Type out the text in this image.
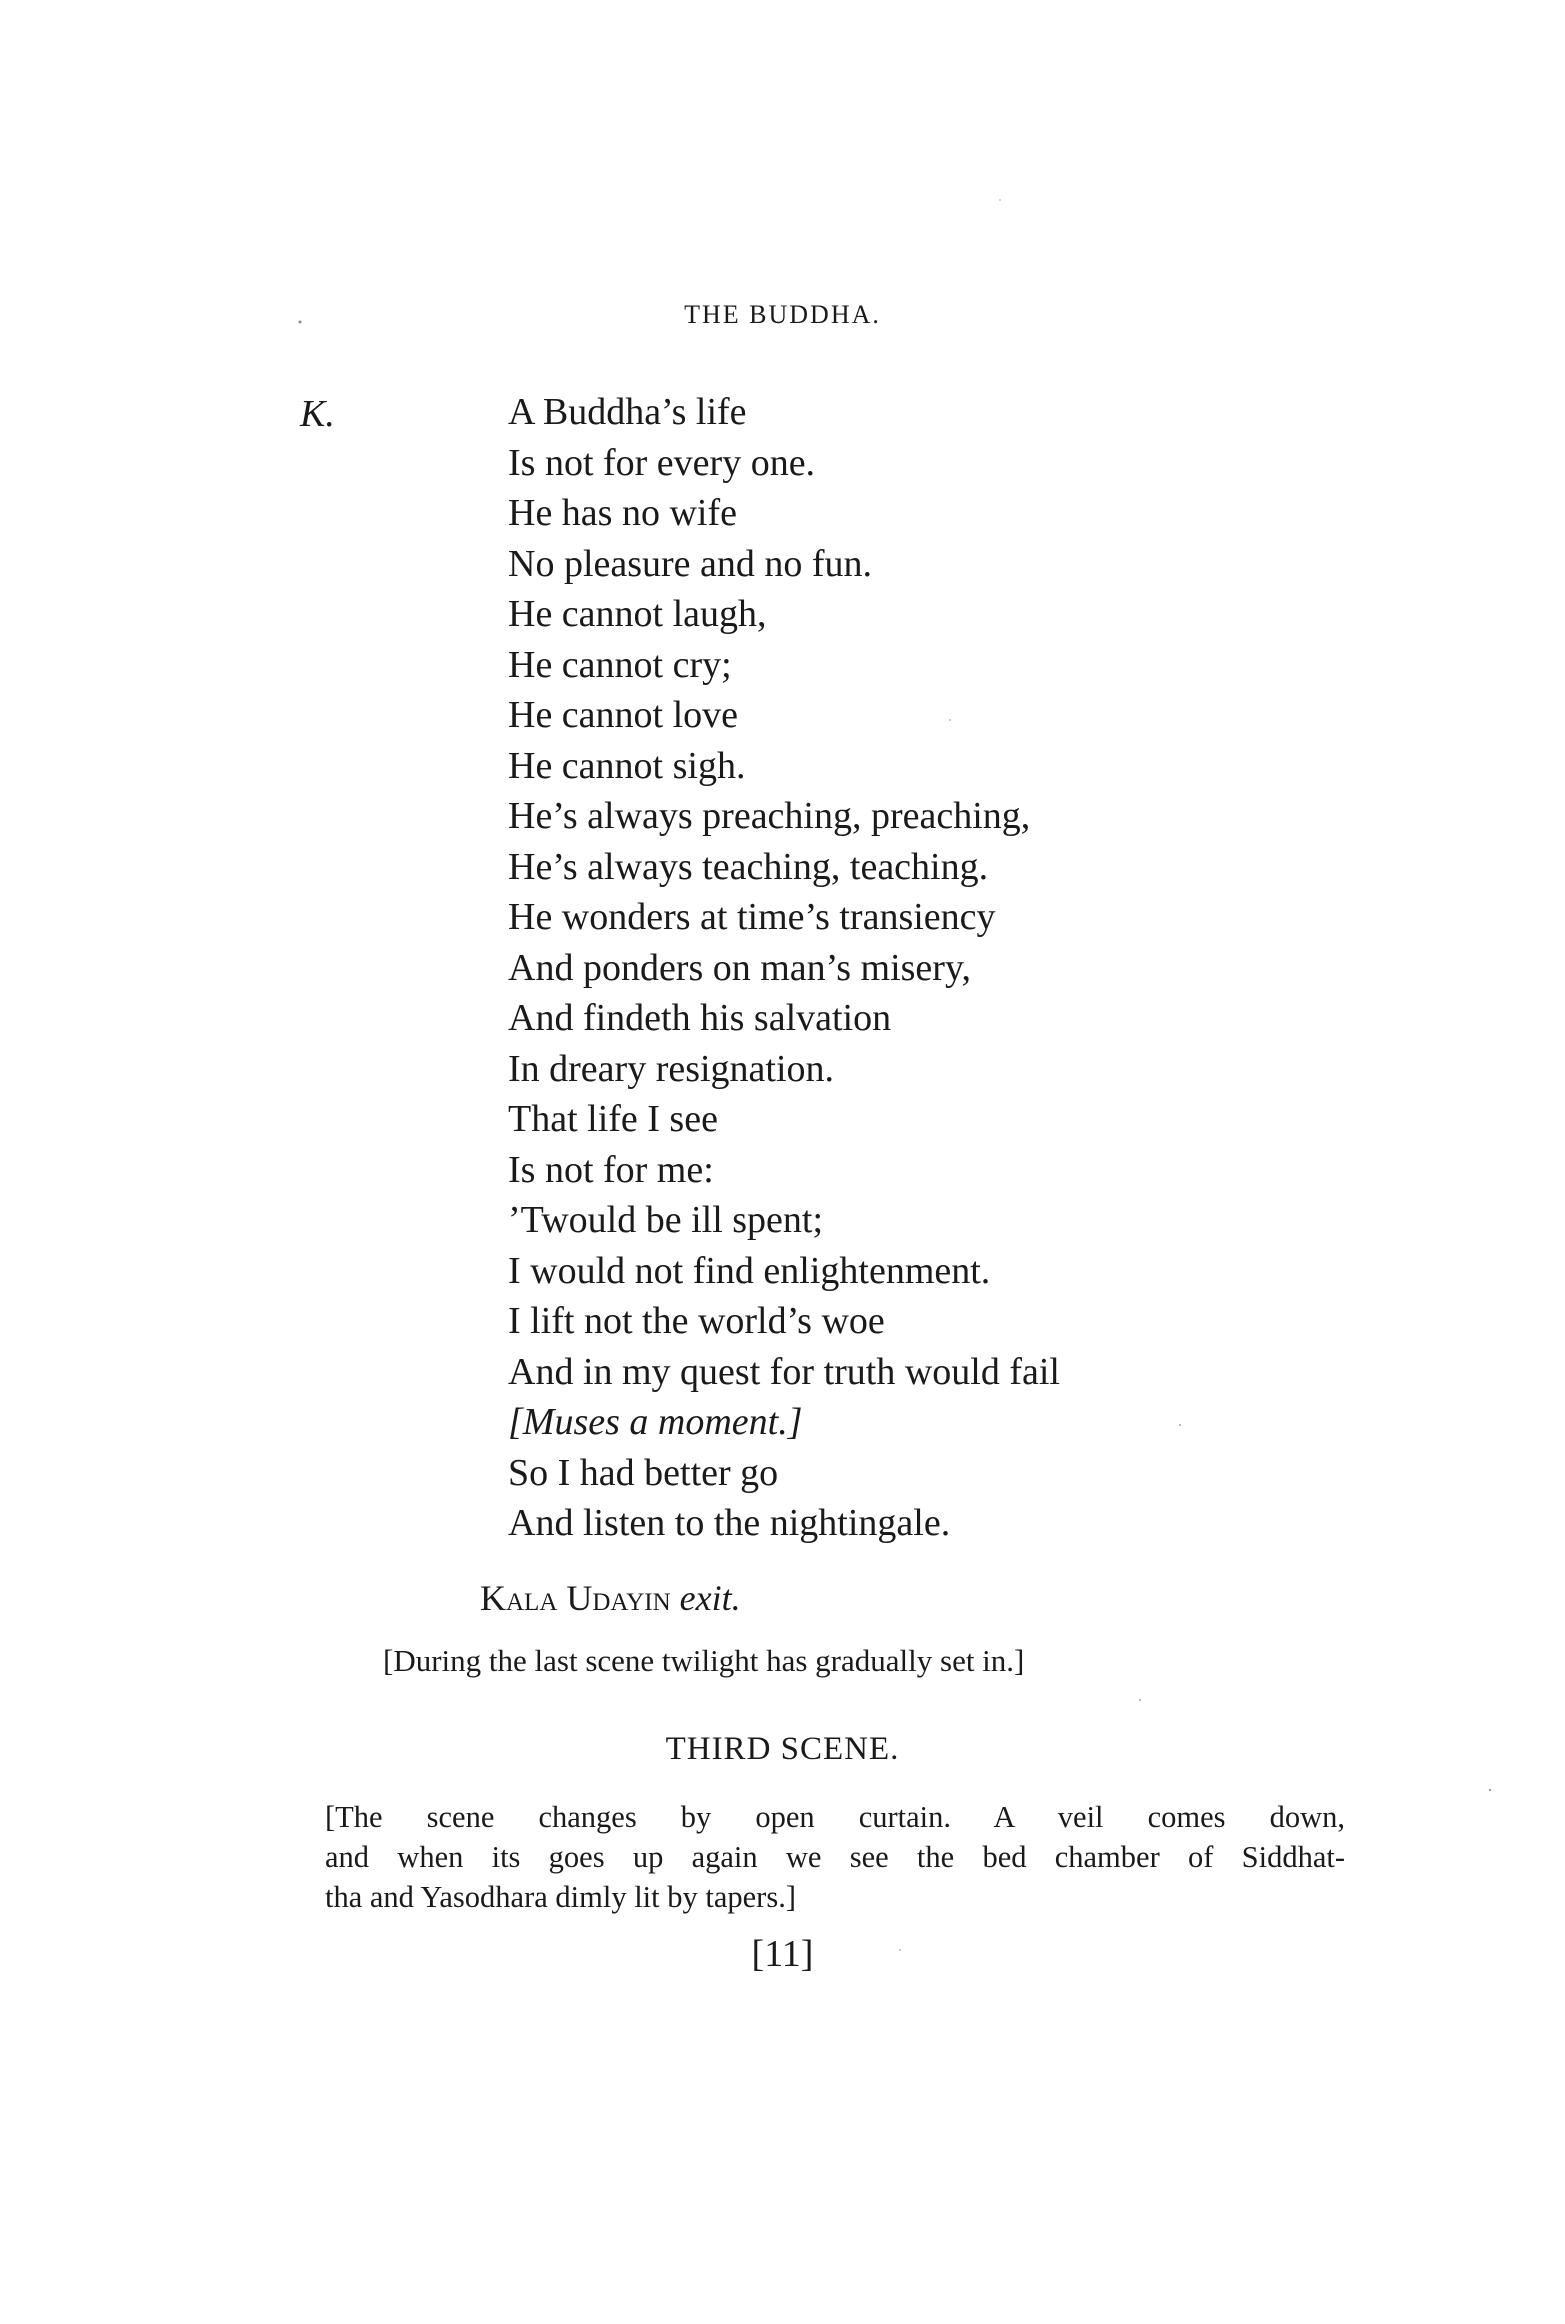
THE BUDDHA.
K.	A Buddha’s life
Is not for every one.
He has no wife
No pleasure and no fun.
He cannot laugh,
He cannot cry;
He cannot love
He cannot sigh.
He’s always preaching, preaching,
He’s always teaching, teaching.
He wonders at time’s transiency
And ponders on man’s misery,
And findeth his salvation
In dreary resignation.
That life I see
Is not for me:
’Twould be ill spent;
I would not find enlightenment.
I lift not the world’s woe
And in my quest for truth would fail
[Muses a moment.]
So I had better go
And listen to the nightingale.
Kala Udayin exit.
[During the last scene twilight has gradually set in.]
THIRD SCENE.
[The scene changes by open curtain. A veil comes down,
and when its goes up again we see the bed chamber of Siddhat-
tha and Yasodhara dimly lit by tapers.]
[11]
